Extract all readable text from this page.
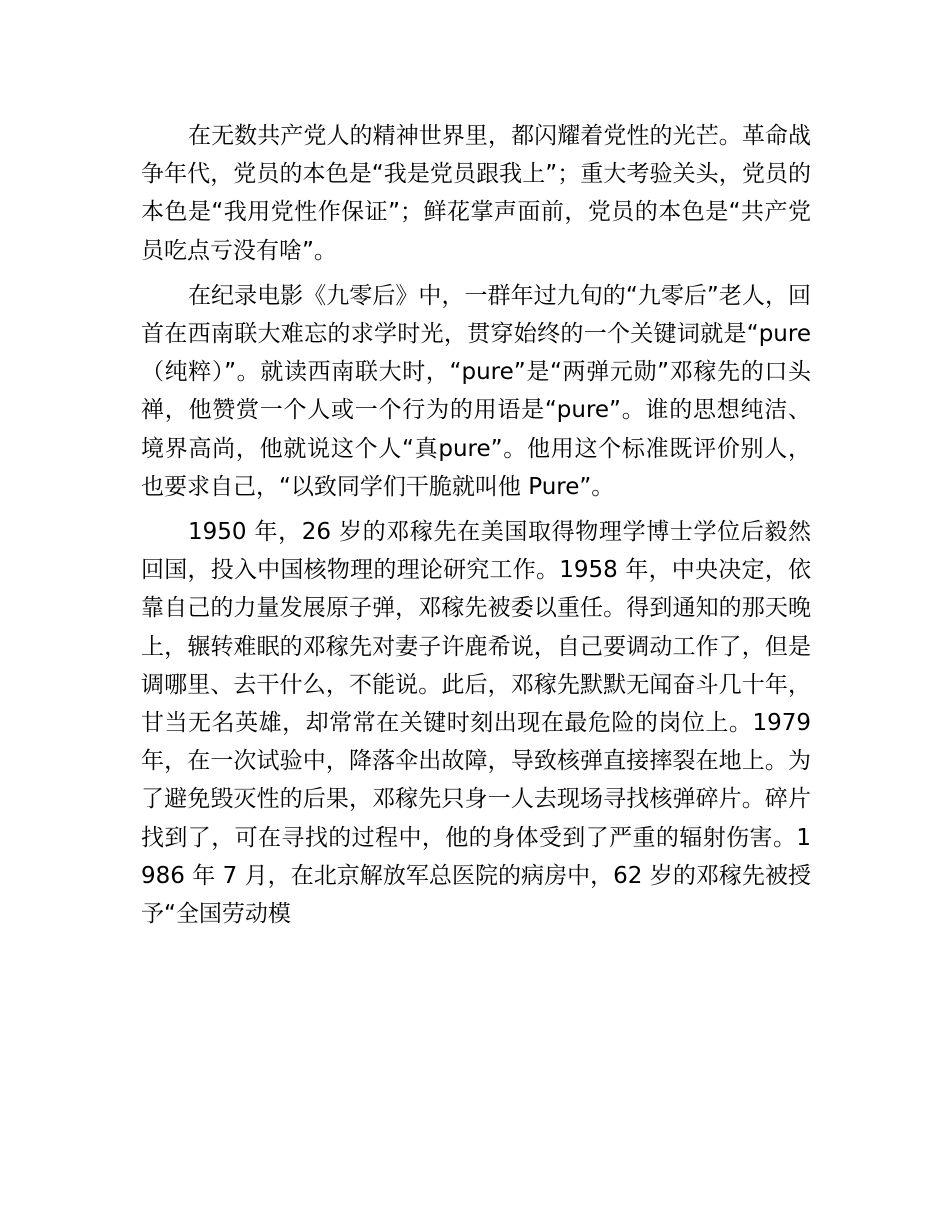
在无数共产党人的精神世界里，都闪耀着党性的光芒。革命战争年代，党员的本色是“我是党员跟我上”；重大考验关头，党员的本色是“我用党性作保证”；鲜花掌声面前，党员的本色是“共产党员吃点亏没有啥”。

在纪录电影《九零后》中，一群年过九旬的“九零后”老人，回首在西南联大难忘的求学时光，贯穿始终的一个关键词就是“pure（纯粹）”。就读西南联大时，“pure”是“两弹元勋”邓稼先的口头禅，他赞赏一个人或一个行为的用语是“pure”。谁的思想纯洁、境界高尚，他就说这个人“真pure”。他用这个标准既评价别人，也要求自己，“以致同学们干脆就叫他 Pure”。

1950 年，26 岁的邓稼先在美国取得物理学博士学位后毅然回国，投入中国核物理的理论研究工作。1958 年，中央决定，依靠自己的力量发展原子弹，邓稼先被委以重任。得到通知的那天晚上，辗转难眠的邓稼先对妻子许鹿希说，自己要调动工作了，但是调哪里、去干什么，不能说。此后，邓稼先默默无闻奋斗几十年，甘当无名英雄，却常常在关键时刻出现在最危险的岗位上。1979 年，在一次试验中，降落伞出故障，导致核弹直接摔裂在地上。为了避免毁灭性的后果，邓稼先只身一人去现场寻找核弹碎片。碎片找到了，可在寻找的过程中，他的身体受到了严重的辐射伤害。1986 年 7 月，在北京解放军总医院的病房中，62 岁的邓稼先被授予“全国劳动模
